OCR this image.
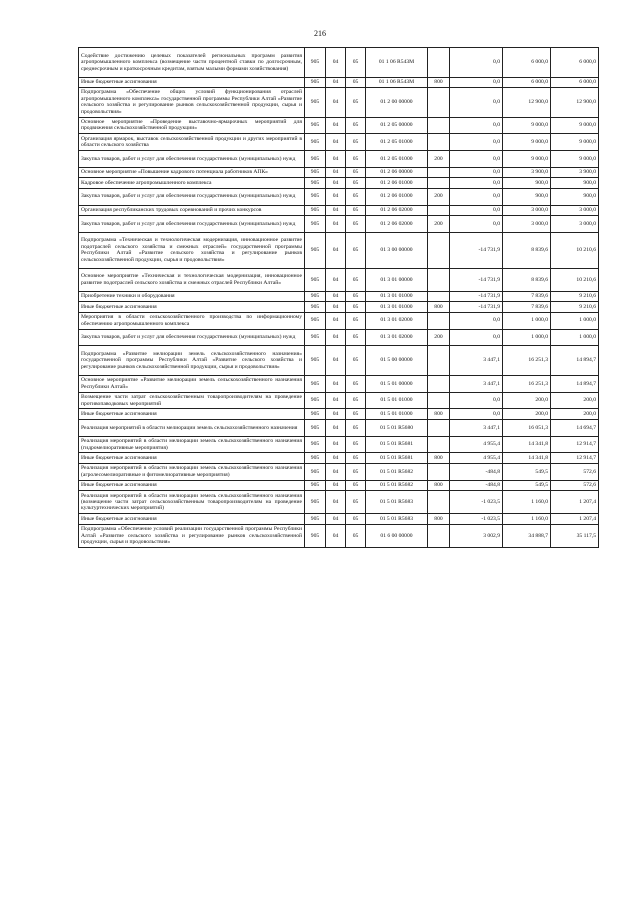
216
Содействие достижению целевых показателей региональных программ развития агропромышленного комплекса (возмещение части процентной ставки по долгосрочным, среднесрочным и краткосрочным кредитам, взятым малыми формами хозяйствования)	905	04	05	01 1 06 R543М		0,0	6 000,0	6 000,0
Иные бюджетные ассигнования	905	04	05	01 1 06 R543М	800	0,0	6 000,0	6 000,0
Подпрограмма «Обеспечение общих условий функционирования отраслей агропромышленного комплекса» государственной программы Республики Алтай «Развитие сельского хозяйства и регулирование рынков сельскохозяйственной продукции, сырья и продовольствия»	905	04	05	01 2 00 00000		0,0	12 900,0	12 900,0
Основное мероприятие «Проведение выставочно-ярмарочных мероприятий для продвижения сельскохозяйственной продукции»	905	04	05	01 2 05 00000		0,0	9 000,0	9 000,0
Организация ярмарок, выставок сельскохозяйственной продукции и других мероприятий в области сельского хозяйства	905	04	05	01 2 05 01000		0,0	9 000,0	9 000,0
Закупка товаров, работ и услуг для обеспечения государственных (муниципальных) нужд	905	04	05	01 2 05 01000	200	0,0	9 000,0	9 000,0
Основное мероприятие «Повышение кадрового потенциала работников АПК»	905	04	05	01 2 06 00000		0,0	3 900,0	3 900,0
Кадровое обеспечение агропромышленного комплекса	905	04	05	01 2 06 01000		0,0	900,0	900,0
Закупка товаров, работ и услуг для обеспечения государственных (муниципальных) нужд	905	04	05	01 2 06 01000	200	0,0	900,0	900,0
Организация республиканских трудовых соревнований и прочих конкурсов	905	04	05	01 2 06 02000		0,0	3 000,0	3 000,0
Закупка товаров, работ и услуг для обеспечения государственных (муниципальных) нужд	905	04	05	01 2 06 02000	200	0,0	3 000,0	3 000,0
Подпрограмма «Техническая и технологическая модернизация, инновационное развитие подотраслей сельского хозяйства и смежных отраслей» государственной программы Республики Алтай «Развитие сельского хозяйства и регулирование рынков сельскохозяйственной продукции, сырья и продовольствия»	905	04	05	01 3 00 00000		-14 731,9	8 839,6	10 210,6
Основное мероприятие «Техническая и технологическая модернизация, инновационное развитие подотраслей сельского хозяйства и смежных отраслей Республики Алтай»	905	04	05	01 3 01 00000		-14 731,9	8 839,6	10 210,6
Приобретение техники и оборудования	905	04	05	01 3 01 01000		-14 731,9	7 839,6	9 210,6
Иные бюджетные ассигнования	905	04	05	01 3 01 01000	800	-14 731,9	7 839,6	9 210,6
Мероприятия в области сельскохозяйственного производства по информационному обеспечению агропромышленного комплекса	905	04	05	01 3 01 02000		0,0	1 000,0	1 000,0
Закупка товаров, работ и услуг для обеспечения государственных (муниципальных) нужд	905	04	05	01 3 01 02000	200	0,0	1 000,0	1 000,0
Подпрограмма «Развитие мелиорации земель сельскохозяйственного назначения» государственной программы Республики Алтай «Развитие сельского хозяйства и регулирование рынков сельскохозяйственной продукции, сырья и продовольствия»	905	04	05	01 5 00 00000		3 447,1	16 251,3	14 894,7
Основное мероприятие «Развитие мелиорации земель сельскохозяйственного назначения Республики Алтай»	905	04	05	01 5 01 00000		3 447,1	16 251,3	14 894,7
Возмещение части затрат сельскохозяйственным товаропроизводителям на проведение противопаводковых мероприятий	905	04	05	01 5 01 01000		0,0	200,0	200,0
Иные бюджетные ассигнования	905	04	05	01 5 01 01000	800	0,0	200,0	200,0
Реализация мероприятий в области мелиорации земель сельскохозяйственного назначения	905	04	05	01 5 01 R5680		3 447,1	16 051,3	14 694,7
Реализация мероприятий в области мелиорации земель сельскохозяйственного назначения (гидромелиоративные мероприятия)	905	04	05	01 5 01 R5681		4 955,4	14 341,8	12 914,7
Иные бюджетные ассигнования	905	04	05	01 5 01 R5681	800	4 955,4	14 341,8	12 914,7
Реализация мероприятий в области мелиорации земель сельскохозяйственного назначения (агролесомелиоративные и фитомелиоративные мероприятия)	905	04	05	01 5 01 R5682		-484,8	549,5	572,6
Иные бюджетные ассигнования	905	04	05	01 5 01 R5682	800	-484,8	549,5	572,6
Реализация мероприятий в области мелиорации земель сельскохозяйственного назначения (возмещение части затрат сельскохозяйственным товаропроизводителям на проведение культуртехнических мероприятий)	905	04	05	01 5 01 R5683		-1 023,5	1 160,0	1 207,4
Иные бюджетные ассигнования	905	04	05	01 5 01 R5683	800	-1 023,5	1 160,0	1 207,4
Подпрограмма «Обеспечение условий реализации государственной программы Республики Алтай «Развитие сельского хозяйства и регулирование рынков сельскохозяйственной продукции, сырья и продовольствия»	905	04	05	01 6 00 00000		3 002,9	34 888,7	35 117,5
